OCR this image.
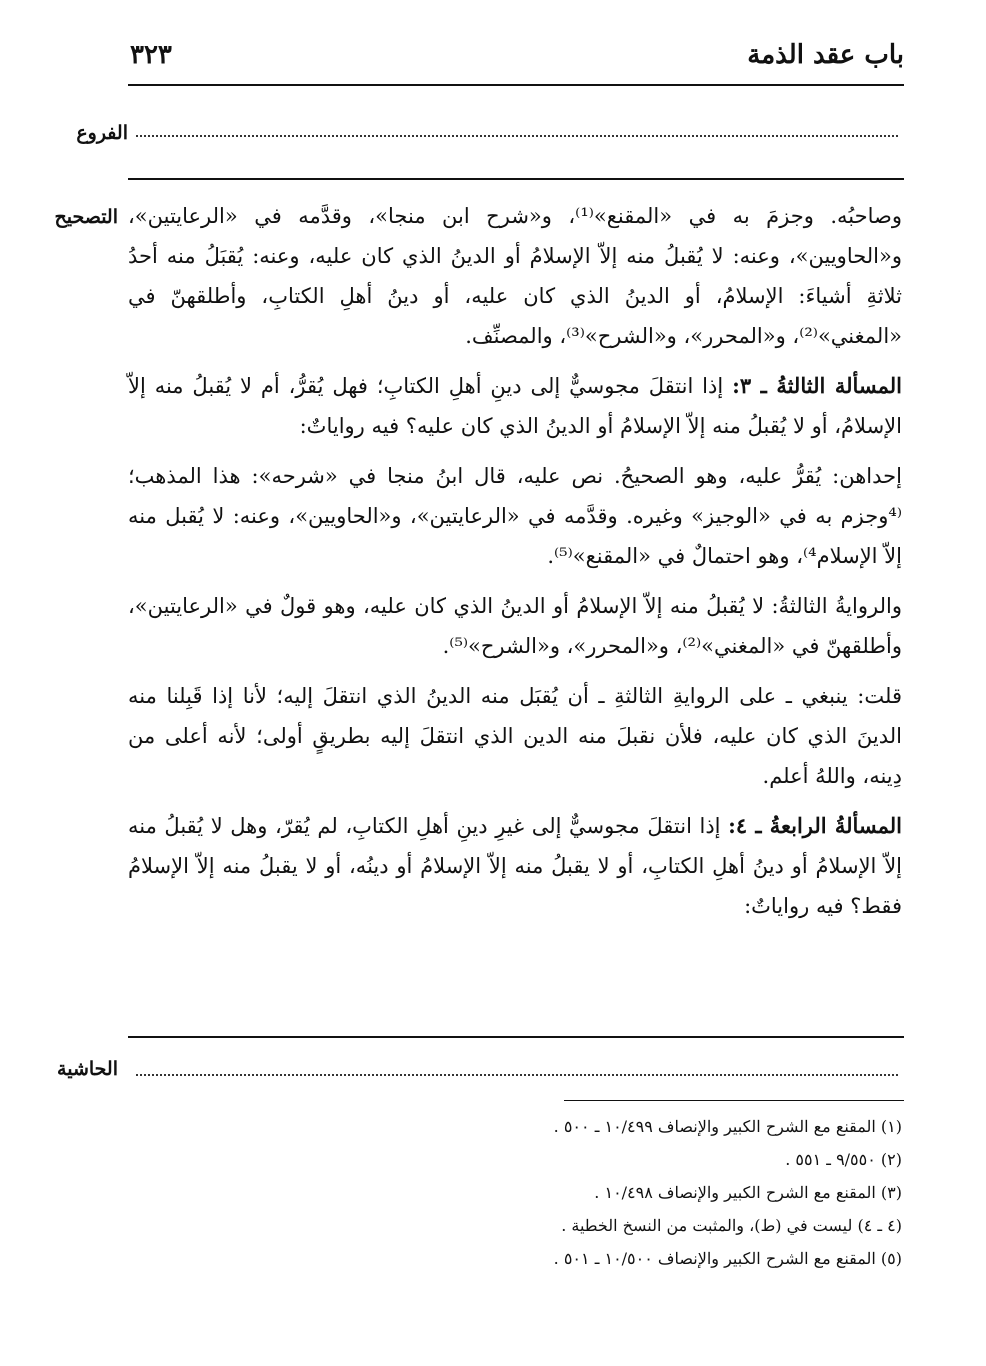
باب عقد الذمة
٣٢٣
الفروع
التصحيح وصاحبُه. وجزمَ به في «المقنع»⁽¹⁾، و«شرح ابن منجا»، وقدَّمه في «الرعايتين»، و«الحاويين»، وعنه: لا يُقبلُ منه إلاّ الإسلامُ أو الدينُ الذي كان عليه، وعنه: يُقبَلُ منه أحدُ ثلاثةِ أشياءَ: الإسلامُ، أو الدينُ الذي كان عليه، أو دينُ أهلِ الكتابِ، وأطلقهنّ في «المغني»⁽²⁾، و«المحرر»، و«الشرح»⁽³⁾، والمصنِّف.

المسألة الثالثةُ ـ ٣: إذا انتقلَ مجوسيٌّ إلى دينِ أهلِ الكتابِ؛ فهل يُقرُّ، أم لا يُقبلُ منه إلاّ الإسلامُ، أو لا يُقبلُ منه إلاّ الإسلامُ أو الدينُ الذي كان عليه؟ فيه رواياتٌ:

إحداهن: يُقرُّ عليه، وهو الصحيحُ. نص عليه، قال ابنُ منجا في «شرحه»: هذا المذهب؛ ⁽⁴وجزم به في «الوجيز» وغيره. وقدَّمه في «الرعايتين»، و«الحاويين»، وعنه: لا يُقبل منه إلاّ الإسلام⁴⁾، وهو احتمالٌ في «المقنع»⁽⁵⁾.

والروايةُ الثالثةُ: لا يُقبلُ منه إلاّ الإسلامُ أو الدينُ الذي كان عليه، وهو قولٌ في «الرعايتين»، وأطلقهنّ في «المغني»⁽²⁾، و«المحرر»، و«الشرح»⁽⁵⁾.

قلت: ينبغي ـ على الروايةِ الثالثةِ ـ أن يُقبَل منه الدينُ الذي انتقلَ إليه؛ لأنا إذا قَبِلنا منه الدينَ الذي كان عليه، فلأن نقبلَ منه الدين الذي انتقلَ إليه بطريقٍ أولى؛ لأنه أعلى من دِينه، واللهُ أعلم.

المسألةُ الرابعةُ ـ ٤: إذا انتقلَ مجوسيٌّ إلى غيرِ دينِ أهلِ الكتابِ، لم يُقرّ، وهل لا يُقبلُ منه إلاّ الإسلامُ أو دينُ أهلِ الكتابِ، أو لا يقبلُ منه إلاّ الإسلامُ أو دينُه، أو لا يقبلُ منه إلاّ الإسلامُ فقط؟ فيه رواياتٌ:

الحاشية
(١) المقنع مع الشرح الكبير والإنصاف ١٠/٤٩٩ ـ ٥٠٠ .
(٢) ٩/٥٥٠ ـ ٥٥١ .
(٣) المقنع مع الشرح الكبير والإنصاف ١٠/٤٩٨ .
(٤ ـ ٤) ليست في (ط)، والمثبت من النسخ الخطية .
(٥) المقنع مع الشرح الكبير والإنصاف ١٠/٥٠٠ ـ ٥٠١ .
